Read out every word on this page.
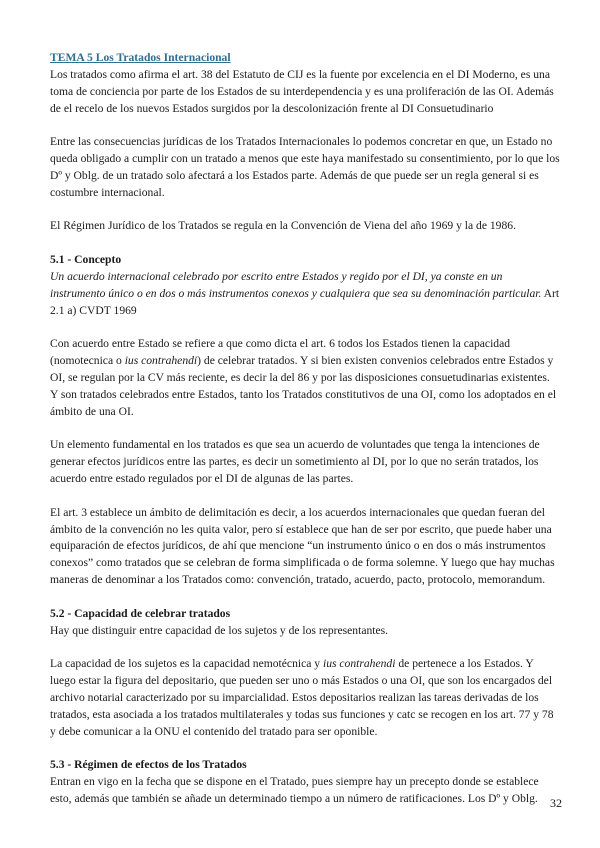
TEMA 5 Los Tratados Internacional

Los tratados como afirma el art. 38 del Estatuto de CIJ es la fuente por excelencia en el DI Moderno, es una toma de conciencia por parte de los Estados de su interdependencia y es una proliferación de las OI. Además de el recelo de los nuevos Estados surgidos por la descolonización frente al DI Consuetudinario

Entre las consecuencias jurídicas de los Tratados Internacionales lo podemos concretar en que, un Estado no queda obligado a cumplir con un tratado a menos que este haya manifestado su consentimiento, por lo que los Dº y Oblg. de un tratado solo afectará a los Estados parte. Además de que puede ser un regla general si es costumbre internacional.

El Régimen Jurídico de los Tratados se regula en la Convención de Viena del año 1969 y la de 1986.

5.1 - Concepto

Un acuerdo internacional celebrado por escrito entre Estados y regido por el DI, ya conste en un instrumento único o en dos o más instrumentos conexos y cualquiera que sea su denominación particular. Art 2.1 a) CVDT 1969

Con acuerdo entre Estado se refiere a que como dicta el art. 6 todos los Estados tienen la capacidad (nomotecnica o ius contrahendi) de celebrar tratados. Y si bien existen convenios celebrados entre Estados y OI, se regulan por la CV más reciente, es decir la del 86 y por las disposiciones consuetudinarias existentes. Y son tratados celebrados entre Estados, tanto los Tratados constitutivos de una OI, como los adoptados en el ámbito de una OI.

Un elemento fundamental en los tratados es que sea un acuerdo de voluntades que tenga la intenciones de generar efectos jurídicos entre las partes, es decir un sometimiento al DI, por lo que no serán tratados, los acuerdo entre estado regulados por el DI de algunas de las partes.

El art. 3 establece un ámbito de delimitación es decir, a los acuerdos internacionales que quedan fueran del ámbito de la convención no les quita valor, pero sí establece que han de ser por escrito, que puede haber una equiparación de efectos jurídicos, de ahí que mencione “un instrumento único o en dos o más instrumentos conexos” como tratados que se celebran de forma simplificada o de forma solemne. Y luego que hay muchas maneras de denominar a los Tratados como: convención, tratado, acuerdo, pacto, protocolo, memorandum.

5.2 - Capacidad de celebrar tratados

Hay que distinguir entre capacidad de los sujetos y de los representantes.

La capacidad de los sujetos es la capacidad nemotécnica y ius contrahendi de pertenece a los Estados. Y luego estar la figura del depositario, que pueden ser uno o más Estados o una OI, que son los encargados del archivo notarial caracterizado por su imparcialidad. Estos depositarios realizan las tareas derivadas de los tratados, esta asociada a los tratados multilaterales y todas sus funciones y catc se recogen en los art. 77 y 78 y debe comunicar a la ONU el contenido del tratado para ser oponible.

5.3 - Régimen de efectos de los Tratados

Entran en vigo en la fecha que se dispone en el Tratado, pues siempre hay un precepto donde se establece esto, además que también se añade un determinado tiempo a un número de ratificaciones. Los Dº y Oblg.	32
